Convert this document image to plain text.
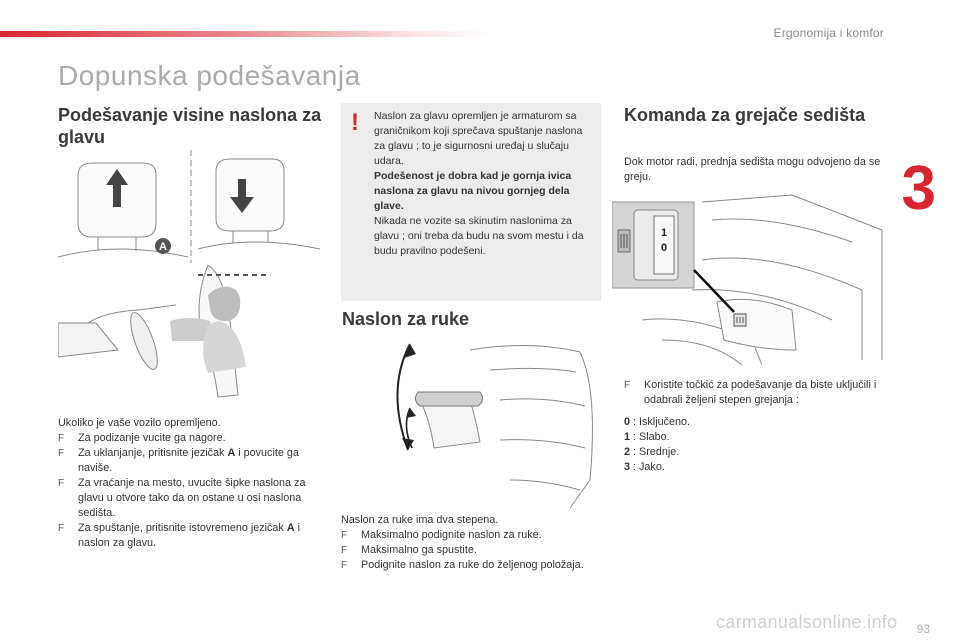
Ergonomija i komfor
3
Dopunska podešavanja
Podešavanje visine naslona za glavu
A

Ukoliko je vaše vozilo opremljeno.

F Za podizanje vucite ga nagore.
F Za uklanjanje, pritisnite jezičak A i povucite ga naviše.
F Za vraćanje na mesto, uvucite šipke naslona za glavu u otvore tako da on ostane u osi naslona sedišta.
F Za spuštanje, pritisnite istovremeno jezičak A i naslon za glavu.
! Naslon za glavu opremljen je armaturom sa graničnikom koji sprečava spuštanje naslona za glavu ; to je sigurnosni uređaj u slučaju udara.

Podešenost je dobra kad je gornja ivica naslona za glavu na nivou gornjeg dela glave.

Nikada ne vozite sa skinutim naslonima za glavu ; oni treba da budu na svom mestu i da budu pravilno podešeni.

Naslon za ruke

Naslon za ruke ima dva stepena.

F Maksimalno podignite naslon za ruke.
F Maksimalno ga spustite.
F Podignite naslon za ruke do željenog položaja.
Komanda za grejače sedišta

Dok motor radi, prednja sedišta mogu odvojeno da se greju.

1
0
F Koristite točkić za podešavanje da biste uključili i odabrali željeni stepen grejanja :

0 : Isključeno.

1 : Slabo.

2 : Srednje.

3 : Jako.

carmanualsonline.info 93
